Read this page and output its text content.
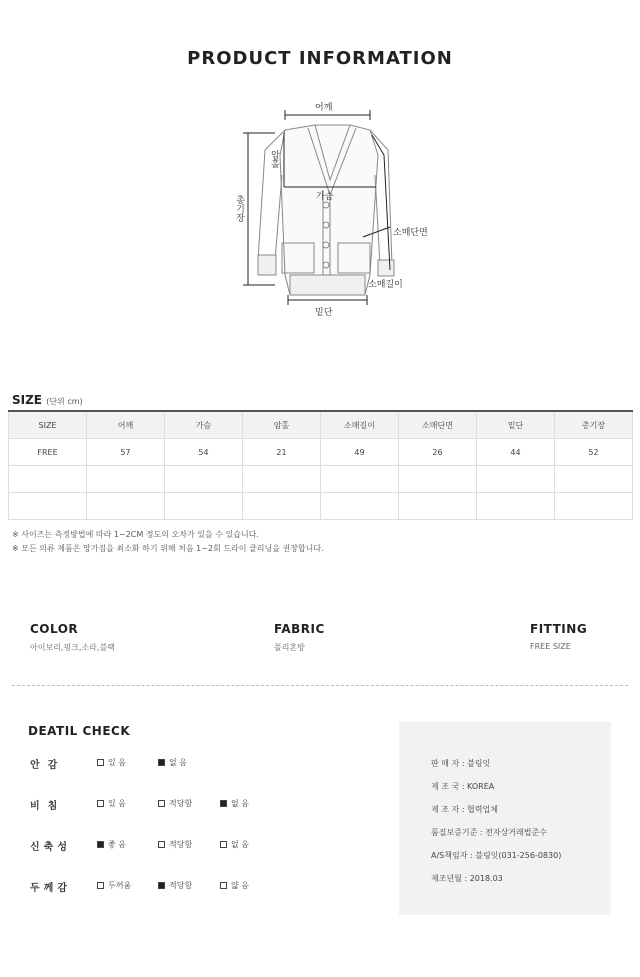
PRODUCT INFORMATION
어깨
암홀
가슴
총기장
소매단면
소매길이
밑단
SIZE (단위 cm)
SIZE	어깨	가슴	암홀	소매길이	소매단면	밑단	총기장
FREE	57	54	21	49	26	44	52

※ 사이즈는 측정방법에 따라 1~2CM 정도의 오차가 있을 수 있습니다.
※ 모든 의류 제품은 망가짐을 최소화 하기 위해 처음 1~2회 드라이 클리닝을 권장합니다.
COLOR
아이보리,핑크,소라,블랙
FABRIC
폴리혼방
FITTING
FREE SIZE
DEATIL CHECK
안감	있 음	없 음
비침	있 음	적당함	없 음
신축성	좋 음	적당함	없 음
두께감	두꺼움	적당함	얇 음
판 매 자 : 블링잇
제 조 국 : KOREA
제 조 자 : 협력업체
품질보증기준 : 전자상거래법준수
A/S책임자 : 블링잇(031-256-0830)
제조년월 : 2018.03
